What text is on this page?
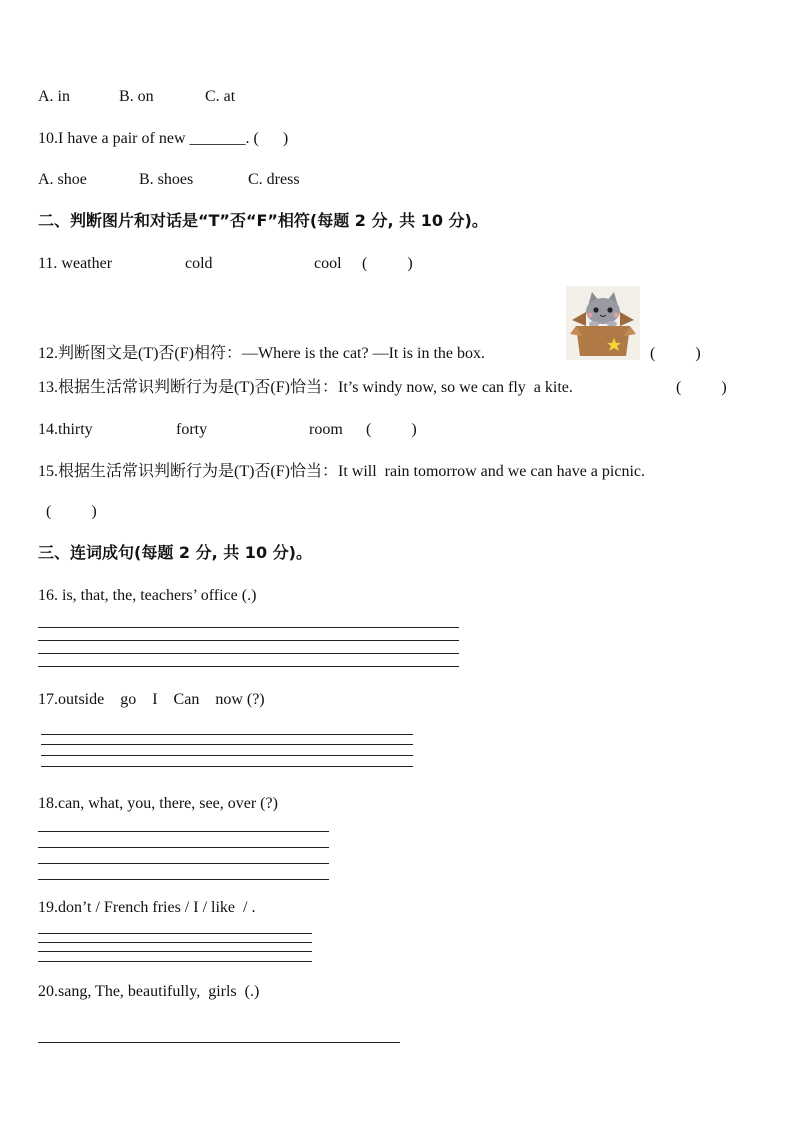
A. in	B. on	C. at
10.I have a pair of new _______. (      )
A. shoe	B. shoes	C. dress
二、判断图片和对话是“T”否“F”相符(每题 2 分, 共 10 分)。
11. weather	cold	cool (          )
12.判断图文是(T)否(F)相符：—Where is the cat? —It is in the box.	(          )
13.根据生活常识判断行为是(T)否(F)恰当：It’s windy now, so we can fly  a kite.	(          )
14.thirty	forty	room (          )
15.根据生活常识判断行为是(T)否(F)恰当：It will  rain tomorrow and we can have a picnic.
(          )
三、连词成句(每题 2 分, 共 10 分)。
16. is, that, the, teachers’ office (.)
17.outside    go    I    Can    now (?)
18.can, what, you, there, see, over (?)
19.don’t / French fries / I / like  / .
20.sang, The, beautifully,  girls  (.)
